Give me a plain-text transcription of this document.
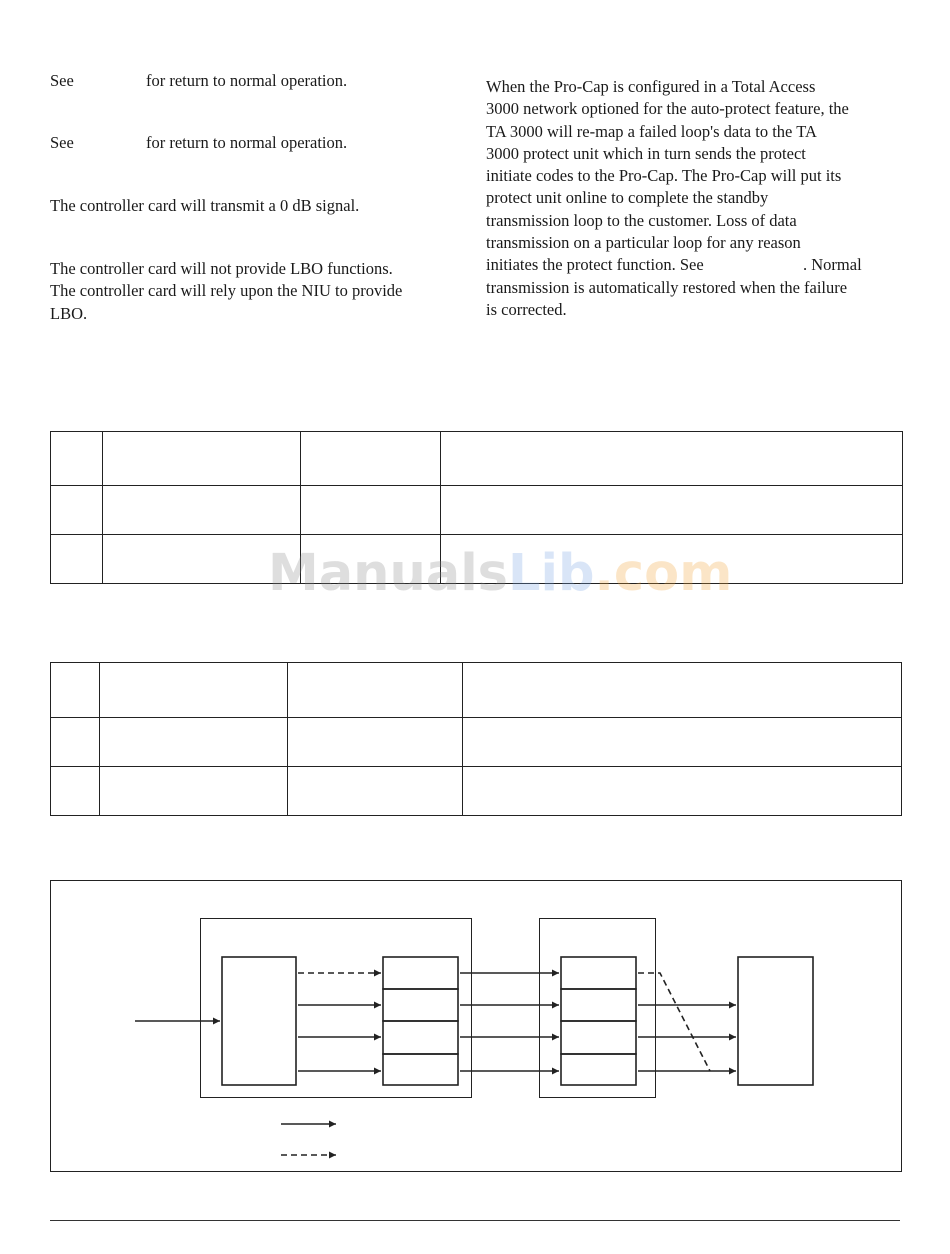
See	for return to normal operation.
See	for return to normal operation.
The controller card will transmit a 0 dB signal.
The controller card will not provide LBO functions.
The controller card will rely upon the NIU to provide
LBO.
When the Pro-Cap is configured in a Total Access
3000 network optioned for the auto-protect feature, the
TA 3000 will re-map a failed loop's data to the TA
3000 protect unit which in turn sends the protect
initiate codes to the Pro-Cap. The Pro-Cap will put its
protect unit online to complete the standby
transmission loop to the customer. Loss of data
transmission on a particular loop for any reason
initiates the protect function. See	. Normal
transmission is automatically restored when the failure
is corrected.

ManualsLib.com
